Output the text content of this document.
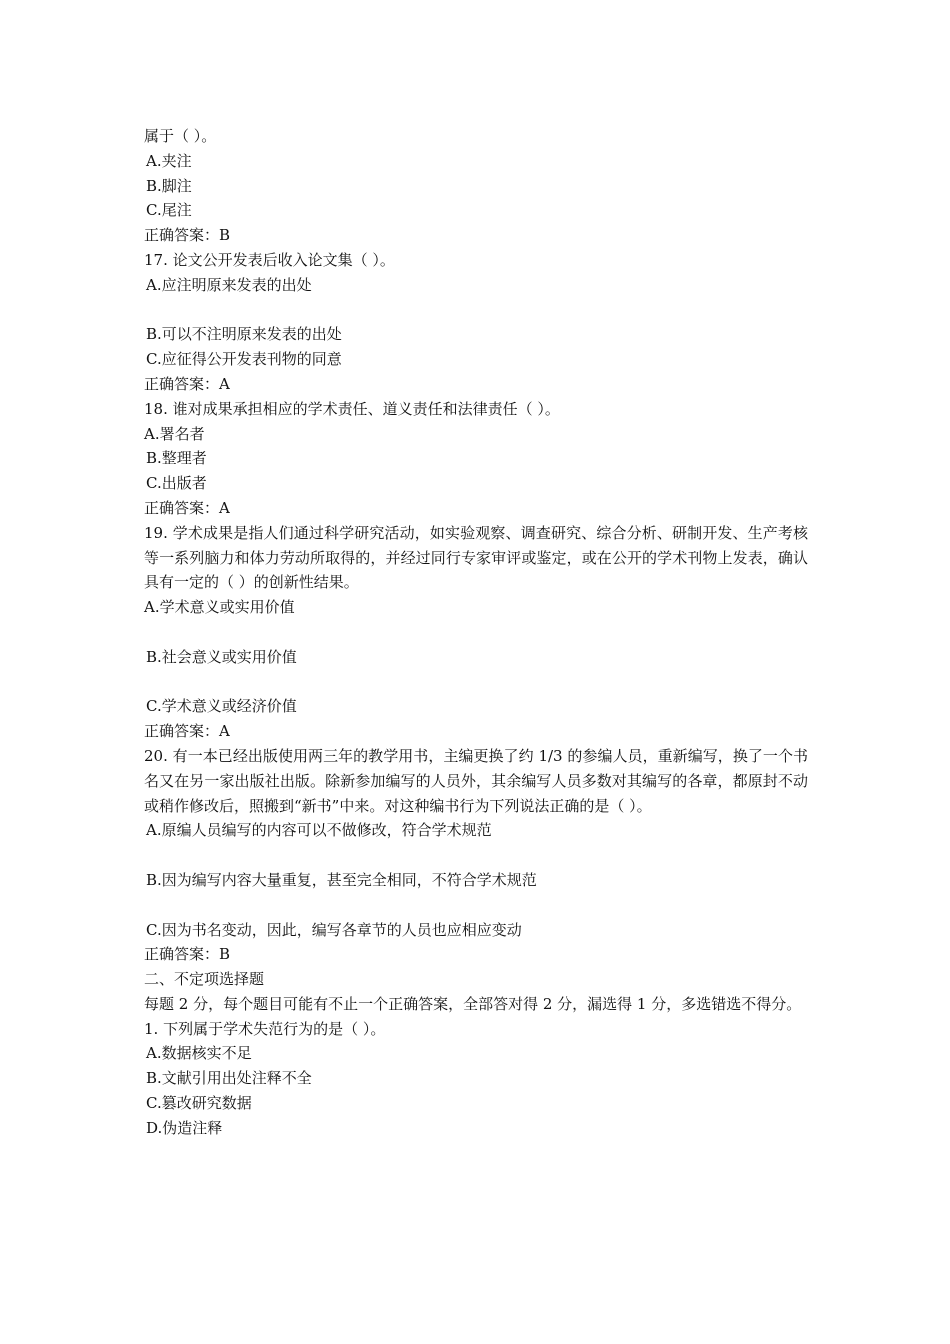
属于（ ）。

A.夹注

B.脚注

C.尾注

正确答案：B

17. 论文公开发表后收入论文集（ ）。

A.应注明原来发表的出处

B.可以不注明原来发表的出处

C.应征得公开发表刊物的同意

正确答案：A

18. 谁对成果承担相应的学术责任、道义责任和法律责任（ ）。

A.署名者

B.整理者

C.出版者

正确答案：A

19. 学术成果是指人们通过科学研究活动，如实验观察、调查研究、综合分析、研制开发、生产考核等一系列脑力和体力劳动所取得的，并经过同行专家审评或鉴定，或在公开的学术刊物上发表，确认具有一定的（ ）的创新性结果。

A.学术意义或实用价值

B.社会意义或实用价值

C.学术意义或经济价值

正确答案：A

20. 有一本已经出版使用两三年的教学用书，主编更换了约 1/3 的参编人员，重新编写，换了一个书名又在另一家出版社出版。除新参加编写的人员外，其余编写人员多数对其编写的各章，都原封不动或稍作修改后，照搬到“新书”中来。对这种编书行为下列说法正确的是（ ）。

A.原编人员编写的内容可以不做修改，符合学术规范

B.因为编写内容大量重复，甚至完全相同，不符合学术规范

C.因为书名变动，因此，编写各章节的人员也应相应变动

正确答案：B

二、不定项选择题

每题 2 分，每个题目可能有不止一个正确答案，全部答对得 2 分，漏选得 1 分，多选错选不得分。

1. 下列属于学术失范行为的是（ ）。

A.数据核实不足

B.文献引用出处注释不全

C.篡改研究数据

D.伪造注释
